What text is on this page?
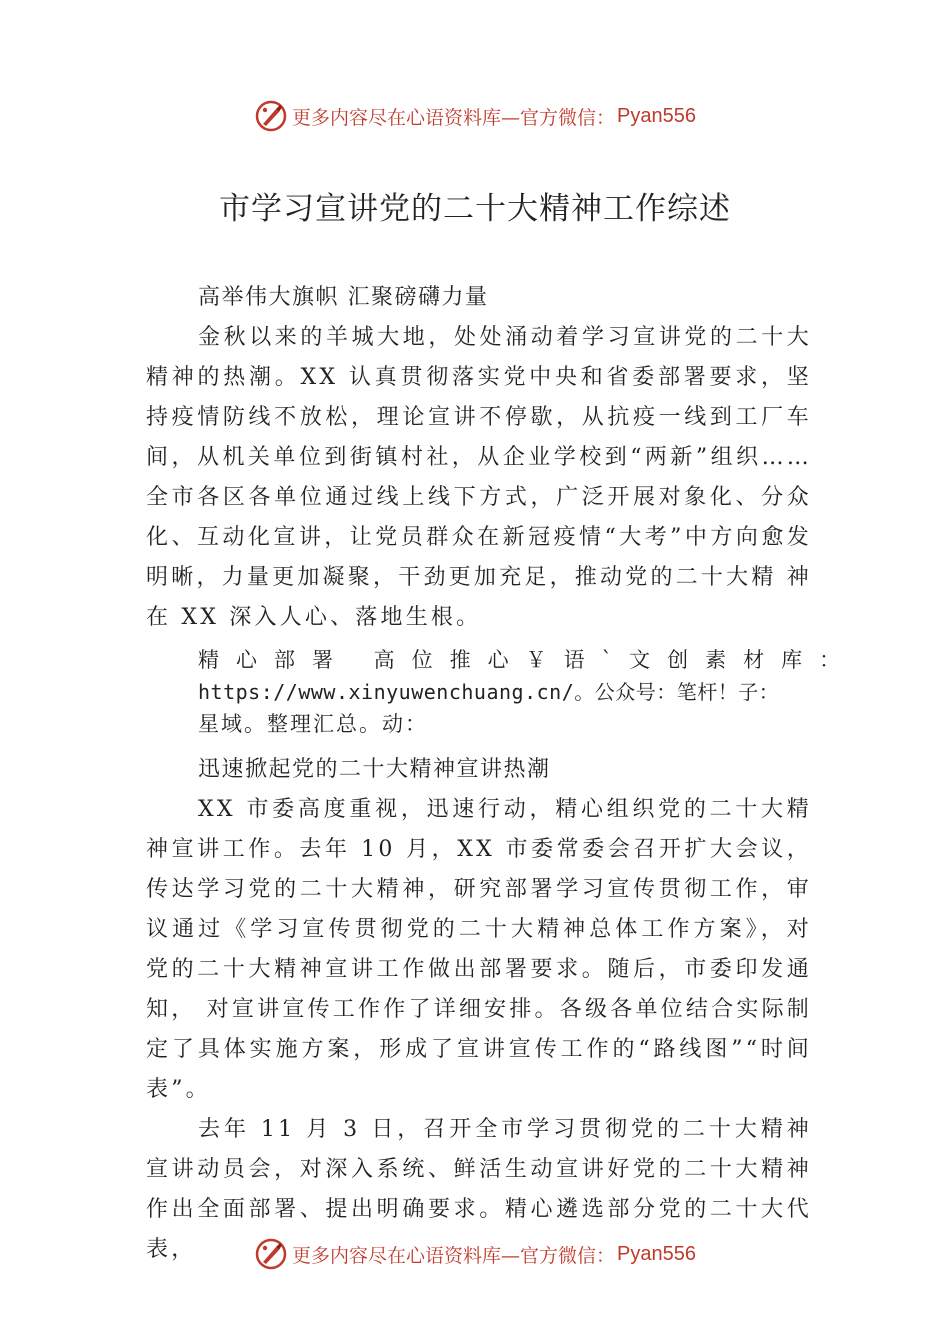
更多内容尽在心语资料库—官方微信： Pyan556
市学习宣讲党的二十大精神工作综述

高举伟大旗帜 汇聚磅礴力量

金秋以来的羊城大地，处处涌动着学习宣讲党的二十大精神的热潮。XX 认真贯彻落实党中央和省委部署要求，坚持疫情防线不放松，理论宣讲不停歇，从抗疫一线到工厂车间，从机关单位到街镇村社，从企业学校到“两新”组织……全市各区各单位通过线上线下方式，广泛开展对象化、分众化、互动化宣讲，让党员群众在新冠疫情“大考”中方向愈发明晰，力量更加凝聚，干劲更加充足，推动党的二十大精 神在 XX 深入人心、落地生根。

精心部署 高位推心￥语`文创素材库：
https://www.xinyuwenchuang.cn/。公众号：笔杆！子：
星域。整理汇总。动：

迅速掀起党的二十大精神宣讲热潮

XX 市委高度重视，迅速行动，精心组织党的二十大精神宣讲工作。去年 10 月，XX 市委常委会召开扩大会议，传达学习党的二十大精神，研究部署学习宣传贯彻工作，审议通过《学习宣传贯彻党的二十大精神总体工作方案》，对党的二十大精神宣讲工作做出部署要求。随后，市委印发通知， 对宣讲宣传工作作了详细安排。各级各单位结合实际制定了具体实施方案，形成了宣讲宣传工作的“路线图”“时间表”。

去年 11 月 3 日，召开全市学习贯彻党的二十大精神宣讲动员会，对深入系统、鲜活生动宣讲好党的二十大精神作出全面部署、提出明确要求。精心遴选部分党的二十大代表，	更多内容尽在心语资料库—官方微信： Pyan556
